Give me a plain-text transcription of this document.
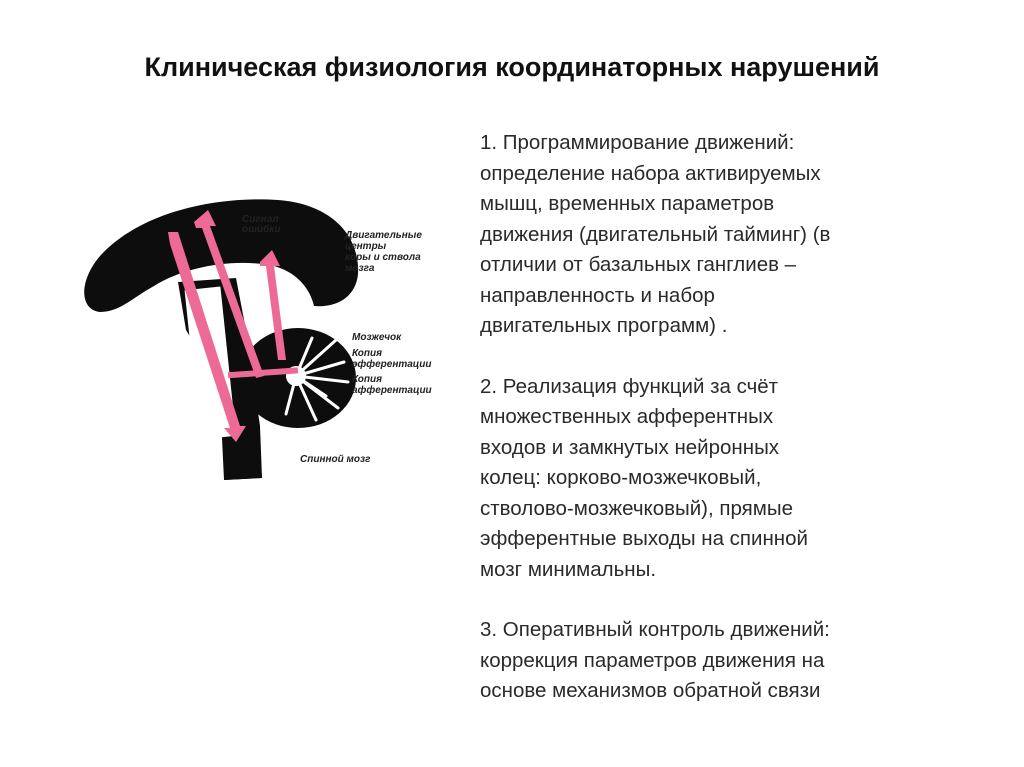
Клиническая физиология координаторных нарушений
Сигнал ошибки
Двигательные центры коры и ствола мозга
Мозжечок
Копия эфферентации
Копия афферентации
Спинной мозг

1. Программирование движений:
определение набора активируемых
мышц, временных параметров
движения (двигательный тайминг) (в
отличии от базальных ганглиев –
направленность и набор
двигательных программ) .

2. Реализация функций за счёт
множественных афферентных
входов и замкнутых нейронных
колец: корково-мозжечковый,
стволово-мозжечковый), прямые
эфферентные выходы на спинной
мозг минимальны.

3. Оперативный контроль движений:
коррекция параметров движения на
основе механизмов обратной связи
